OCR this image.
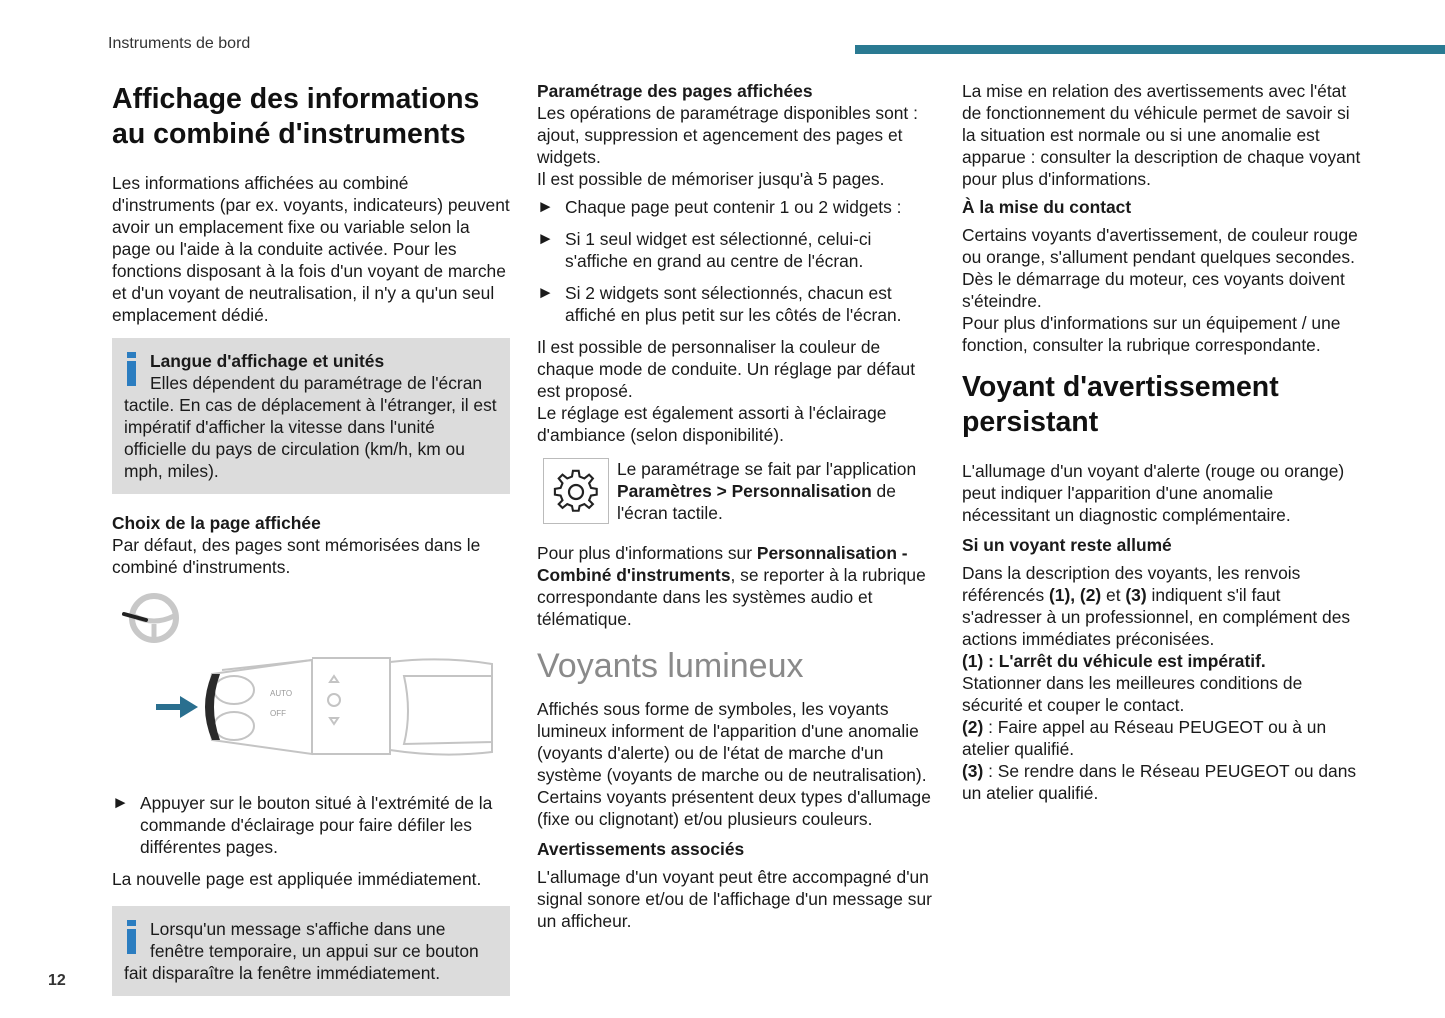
Instruments de bord
12
Affichage des informations au combiné d'instruments
Les informations affichées au combiné d'instruments (par ex. voyants, indicateurs) peuvent avoir un emplacement fixe ou variable selon la page ou l'aide à la conduite activée. Pour les fonctions disposant à la fois d'un voyant de marche et d'un voyant de neutralisation, il n'y a qu'un seul emplacement dédié.
Langue d'affichage et unités
Elles dépendent du paramétrage de l'écran tactile. En cas de déplacement à l'étranger, il est impératif d'afficher la vitesse dans l'unité officielle du pays de circulation (km/h, km ou mph, miles).
Choix de la page affichée
Par défaut, des pages sont mémorisées dans le combiné d'instruments.
AUTO
OFF
► Appuyer sur le bouton situé à l'extrémité de la commande d'éclairage pour faire défiler les différentes pages.
La nouvelle page est appliquée immédiatement.
Lorsqu'un message s'affiche dans une fenêtre temporaire, un appui sur ce bouton fait disparaître la fenêtre immédiatement.
Paramétrage des pages affichées
Les opérations de paramétrage disponibles sont : ajout, suppression et agencement des pages et widgets.
Il est possible de mémoriser jusqu'à 5 pages.
► Chaque page peut contenir 1 ou 2 widgets :
► Si 1 seul widget est sélectionné, celui-ci s'affiche en grand au centre de l'écran.
► Si 2 widgets sont sélectionnés, chacun est affiché en plus petit sur les côtés de l'écran.
Il est possible de personnaliser la couleur de chaque mode de conduite. Un réglage par défaut est proposé.
Le réglage est également assorti à l'éclairage d'ambiance (selon disponibilité).
Le paramétrage se fait par l'application Paramètres > Personnalisation de l'écran tactile.
Pour plus d'informations sur Personnalisation - Combiné d'instruments, se reporter à la rubrique correspondante dans les systèmes audio et télématique.
Voyants lumineux
Affichés sous forme de symboles, les voyants lumineux informent de l'apparition d'une anomalie (voyants d'alerte) ou de l'état de marche d'un système (voyants de marche ou de neutralisation). Certains voyants présentent deux types d'allumage (fixe ou clignotant) et/ou plusieurs couleurs.
Avertissements associés
L'allumage d'un voyant peut être accompagné d'un signal sonore et/ou de l'affichage d'un message sur un afficheur.
La mise en relation des avertissements avec l'état de fonctionnement du véhicule permet de savoir si la situation est normale ou si une anomalie est apparue : consulter la description de chaque voyant pour plus d'informations.
À la mise du contact
Certains voyants d'avertissement, de couleur rouge ou orange, s'allument pendant quelques secondes. Dès le démarrage du moteur, ces voyants doivent s'éteindre.
Pour plus d'informations sur un équipement / une fonction, consulter la rubrique correspondante.
Voyant d'avertissement persistant
L'allumage d'un voyant d'alerte (rouge ou orange) peut indiquer l'apparition d'une anomalie nécessitant un diagnostic complémentaire.
Si un voyant reste allumé
Dans la description des voyants, les renvois référencés (1), (2) et (3) indiquent s'il faut s'adresser à un professionnel, en complément des actions immédiates préconisées.
(1) : L'arrêt du véhicule est impératif.
Stationner dans les meilleures conditions de sécurité et couper le contact.
(2) : Faire appel au Réseau PEUGEOT ou à un atelier qualifié.
(3) : Se rendre dans le Réseau PEUGEOT ou dans un atelier qualifié.
